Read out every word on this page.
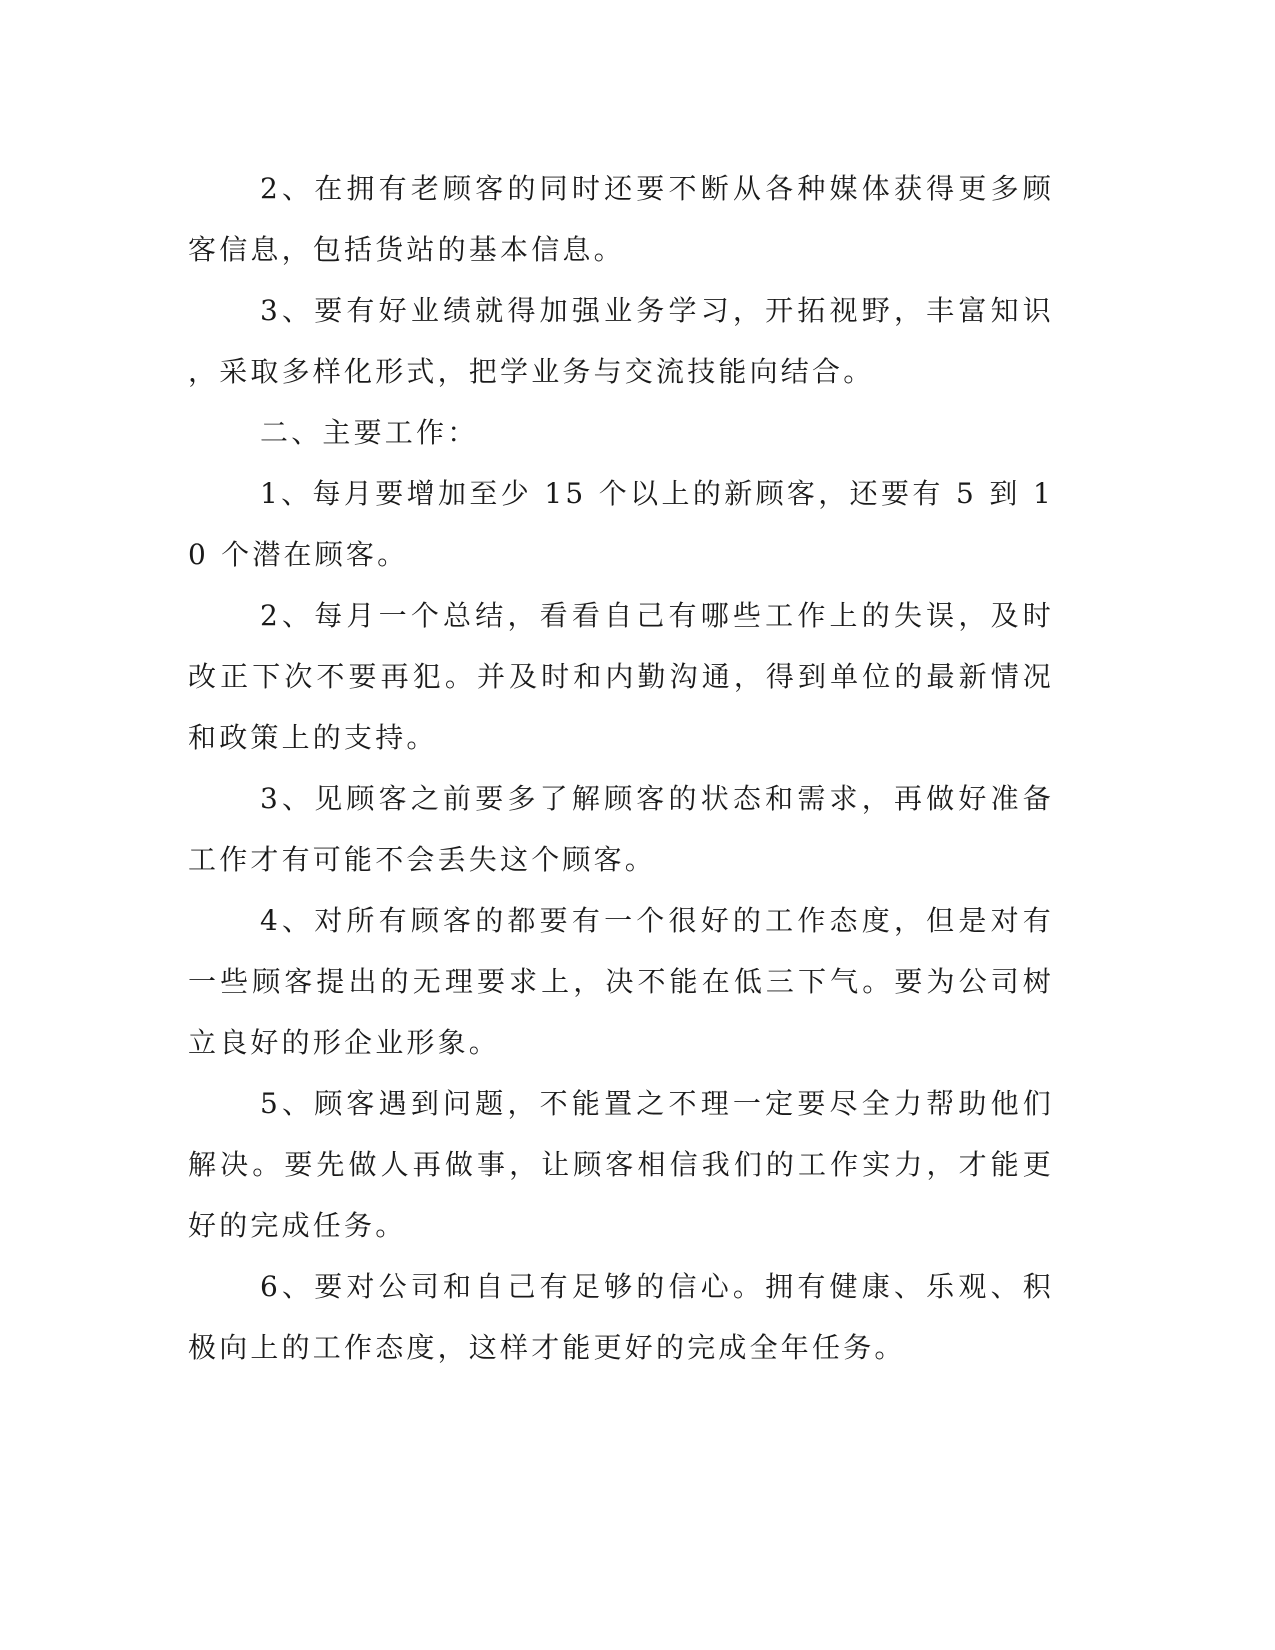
2、在拥有老顾客的同时还要不断从各种媒体获得更多顾客信息，包括货站的基本信息。

3、要有好业绩就得加强业务学习，开拓视野，丰富知识，采取多样化形式，把学业务与交流技能向结合。

二、主要工作：

1、每月要增加至少 15 个以上的新顾客，还要有 5 到 10 个潜在顾客。

2、每月一个总结，看看自己有哪些工作上的失误，及时改正下次不要再犯。并及时和内勤沟通，得到单位的最新情况和政策上的支持。

3、见顾客之前要多了解顾客的状态和需求，再做好准备工作才有可能不会丢失这个顾客。

4、对所有顾客的都要有一个很好的工作态度，但是对有一些顾客提出的无理要求上，决不能在低三下气。要为公司树立良好的形企业形象。

5、顾客遇到问题，不能置之不理一定要尽全力帮助他们解决。要先做人再做事，让顾客相信我们的工作实力，才能更好的完成任务。

6、要对公司和自己有足够的信心。拥有健康、乐观、积极向上的工作态度，这样才能更好的完成全年任务。
